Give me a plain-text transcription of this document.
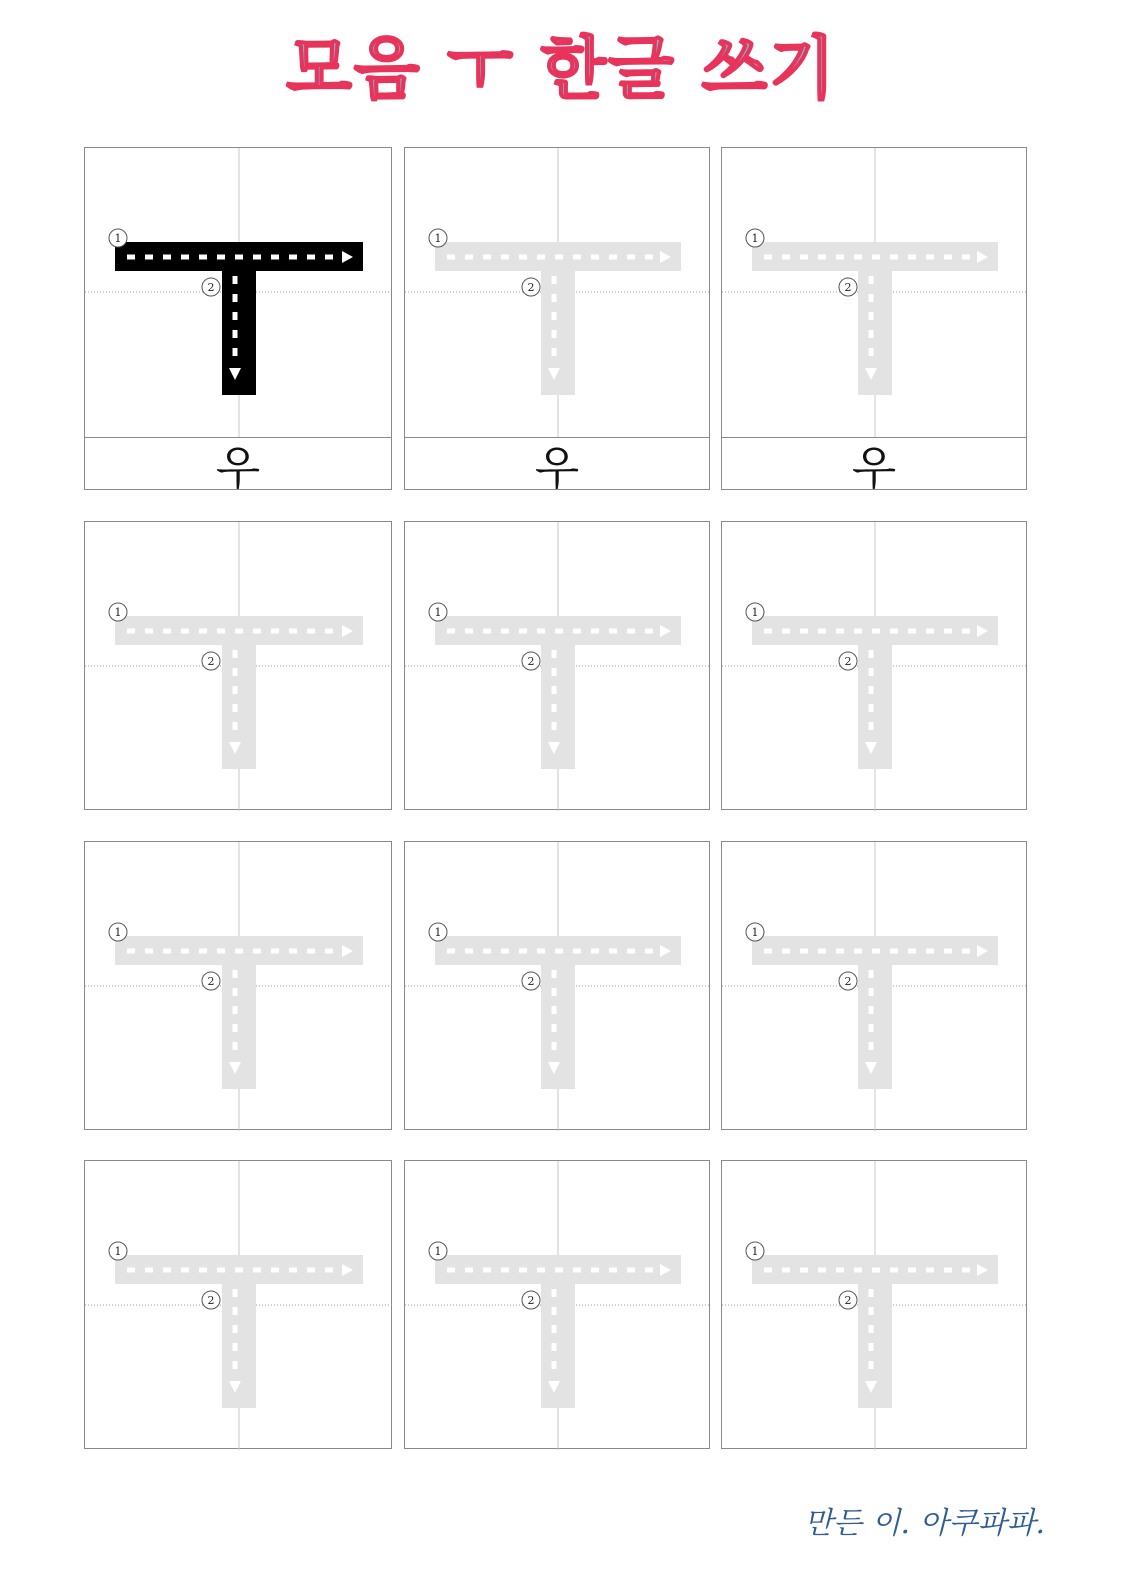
모음 ㅜ 한글 쓰기
1
2
우
1
2
우
1
2
우
1
2
1
2
1
2
1
2
1
2
1
2
1
2
1
2
1
2
만든 이. 아쿠파파.
